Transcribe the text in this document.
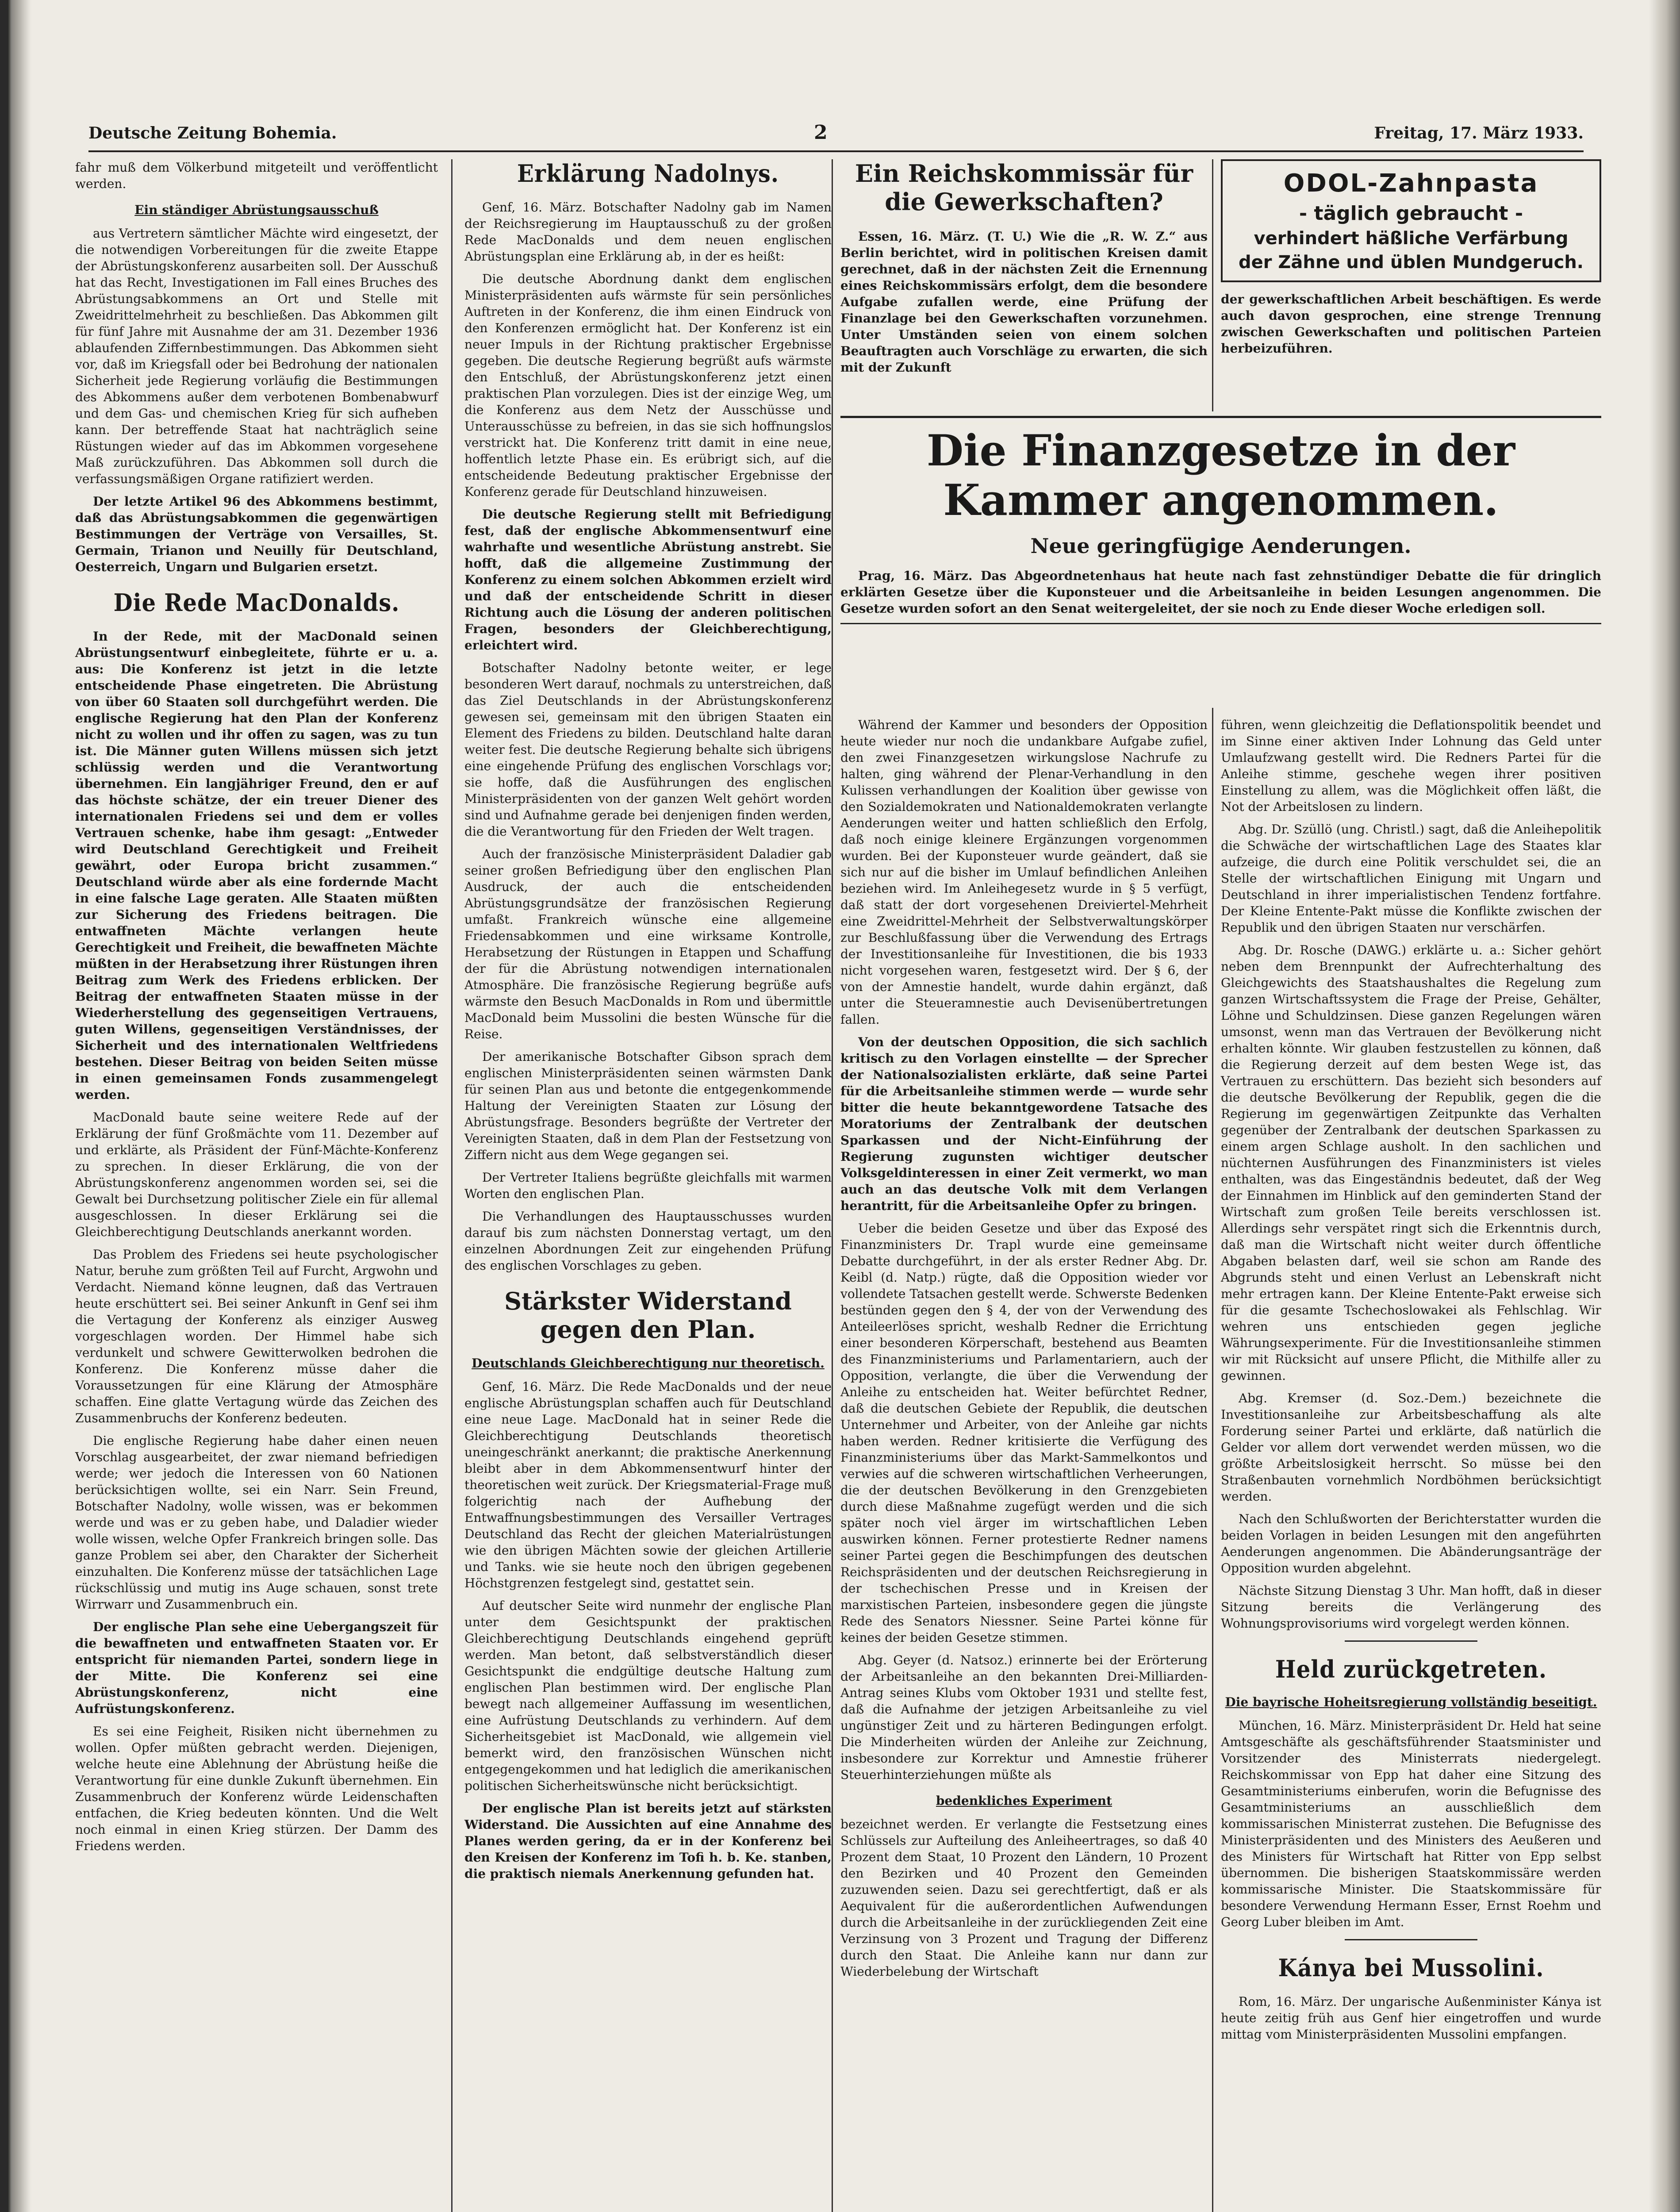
Deutsche Zeitung Bohemia.	2	Freitag, 17. März 1933.

fahr muß dem Völkerbund mitgeteilt und veröffentlicht werden.

Ein ständiger Abrüstungsausschuß

aus Vertretern sämtlicher Mächte wird eingesetzt, der die notwendigen Vorbereitungen für die zweite Etappe der Abrüstungskonferenz ausarbeiten soll. Der Ausschuß hat das Recht, Investigationen im Fall eines Bruches des Abrüstungsabkommens an Ort und Stelle mit Zweidrittelmehrheit zu beschließen. Das Abkommen gilt für fünf Jahre mit Ausnahme der am 31. Dezember 1936 ablaufenden Ziffernbestimmungen. Das Abkommen sieht vor, daß im Kriegsfall oder bei Bedrohung der nationalen Sicherheit jede Regierung vorläufig die Bestimmungen des Abkommens außer dem verbotenen Bombenabwurf und dem Gas- und chemischen Krieg für sich aufheben kann. Der betreffende Staat hat nachträglich seine Rüstungen wieder auf das im Abkommen vorgesehene Maß zurückzuführen. Das Abkommen soll durch die verfassungsmäßigen Organe ratifiziert werden.

Der letzte Artikel 96 des Abkommens bestimmt, daß das Abrüstungsabkommen die gegenwärtigen Bestimmungen der Verträge von Versailles, St. Germain, Trianon und Neuilly für Deutschland, Oesterreich, Ungarn und Bulgarien ersetzt.

Die Rede MacDonalds.

In der Rede, mit der MacDonald seinen Abrüstungsentwurf einbegleitete, führte er u. a. aus: Die Konferenz ist jetzt in die letzte entscheidende Phase eingetreten. Die Abrüstung von über 60 Staaten soll durchgeführt werden. Die englische Regierung hat den Plan der Konferenz nicht zu wollen und ihr offen zu sagen, was zu tun ist. Die Männer guten Willens müssen sich jetzt schlüssig werden und die Verantwortung übernehmen. Ein langjähriger Freund, den er auf das höchste schätze, der ein treuer Diener des internationalen Friedens sei und dem er volles Vertrauen schenke, habe ihm gesagt: „Entweder wird Deutschland Gerechtigkeit und Freiheit gewährt, oder Europa bricht zusammen.“ Deutschland würde aber als eine fordernde Macht in eine falsche Lage geraten. Alle Staaten müßten zur Sicherung des Friedens beitragen. Die entwaffneten Mächte verlangen heute Gerechtigkeit und Freiheit, die bewaffneten Mächte müßten in der Herabsetzung ihrer Rüstungen ihren Beitrag zum Werk des Friedens erblicken. Der Beitrag der entwaffneten Staaten müsse in der Wiederherstellung des gegenseitigen Vertrauens, guten Willens, gegenseitigen Verständnisses, der Sicherheit und des internationalen Weltfriedens bestehen. Dieser Beitrag von beiden Seiten müsse in einen gemeinsamen Fonds zusammengelegt werden.

MacDonald baute seine weitere Rede auf der Erklärung der fünf Großmächte vom 11. Dezember auf und erklärte, als Präsident der Fünf-Mächte-Konferenz zu sprechen. In dieser Erklärung, die von der Abrüstungskonferenz angenommen worden sei, sei die Gewalt bei Durchsetzung politischer Ziele ein für allemal ausgeschlossen. In dieser Erklärung sei die Gleichberechtigung Deutschlands anerkannt worden.

Das Problem des Friedens sei heute psychologischer Natur, beruhe zum größten Teil auf Furcht, Argwohn und Verdacht. Niemand könne leugnen, daß das Vertrauen heute erschüttert sei. Bei seiner Ankunft in Genf sei ihm die Vertagung der Konferenz als einziger Ausweg vorgeschlagen worden. Der Himmel habe sich verdunkelt und schwere Gewitterwolken bedrohen die Konferenz. Die Konferenz müsse daher die Voraussetzungen für eine Klärung der Atmosphäre schaffen. Eine glatte Vertagung würde das Zeichen des Zusammenbruchs der Konferenz bedeuten.

Die englische Regierung habe daher einen neuen Vorschlag ausgearbeitet, der zwar niemand befriedigen werde; wer jedoch die Interessen von 60 Nationen berücksichtigen wollte, sei ein Narr. Sein Freund, Botschafter Nadolny, wolle wissen, was er bekommen werde und was er zu geben habe, und Daladier wieder wolle wissen, welche Opfer Frankreich bringen solle. Das ganze Problem sei aber, den Charakter der Sicherheit einzuhalten. Die Konferenz müsse der tatsächlichen Lage rückschlüssig und mutig ins Auge schauen, sonst trete Wirrwarr und Zusammenbruch ein.

Der englische Plan sehe eine Uebergangszeit für die bewaffneten und entwaffneten Staaten vor. Er entspricht für niemanden Partei, sondern liege in der Mitte. Die Konferenz sei eine Abrüstungskonferenz, nicht eine Aufrüstungskonferenz.

Es sei eine Feigheit, Risiken nicht übernehmen zu wollen. Opfer müßten gebracht werden. Diejenigen, welche heute eine Ablehnung der Abrüstung heiße die Verantwortung für eine dunkle Zukunft übernehmen. Ein Zusammenbruch der Konferenz würde Leidenschaften entfachen, die Krieg bedeuten könnten. Und die Welt noch einmal in einen Krieg stürzen. Der Damm des Friedens werden.

Erklärung Nadolnys.

Genf, 16. März. Botschafter Nadolny gab im Namen der Reichsregierung im Hauptausschuß zu der großen Rede MacDonalds und dem neuen englischen Abrüstungsplan eine Erklärung ab, in der es heißt:

Die deutsche Abordnung dankt dem englischen Ministerpräsidenten aufs wärmste für sein persönliches Auftreten in der Konferenz, die ihm einen Eindruck von den Konferenzen ermöglicht hat. Der Konferenz ist ein neuer Impuls in der Richtung praktischer Ergebnisse gegeben. Die deutsche Regierung begrüßt aufs wärmste den Entschluß, der Abrüstungskonferenz jetzt einen praktischen Plan vorzulegen. Dies ist der einzige Weg, um die Konferenz aus dem Netz der Ausschüsse und Unterausschüsse zu befreien, in das sie sich hoffnungslos verstrickt hat. Die Konferenz tritt damit in eine neue, hoffentlich letzte Phase ein. Es erübrigt sich, auf die entscheidende Bedeutung praktischer Ergebnisse der Konferenz gerade für Deutschland hinzuweisen.

Die deutsche Regierung stellt mit Befriedigung fest, daß der englische Abkommensentwurf eine wahrhafte und wesentliche Abrüstung anstrebt. Sie hofft, daß die allgemeine Zustimmung der Konferenz zu einem solchen Abkommen erzielt wird und daß der entscheidende Schritt in dieser Richtung auch die Lösung der anderen politischen Fragen, besonders der Gleichberechtigung, erleichtert wird.

Botschafter Nadolny betonte weiter, er lege besonderen Wert darauf, nochmals zu unterstreichen, daß das Ziel Deutschlands in der Abrüstungskonferenz gewesen sei, gemeinsam mit den übrigen Staaten ein Element des Friedens zu bilden. Deutschland halte daran weiter fest. Die deutsche Regierung behalte sich übrigens eine eingehende Prüfung des englischen Vorschlags vor; sie hoffe, daß die Ausführungen des englischen Ministerpräsidenten von der ganzen Welt gehört worden sind und Aufnahme gerade bei denjenigen finden werden, die die Verantwortung für den Frieden der Welt tragen.

Auch der französische Ministerpräsident Daladier gab seiner großen Befriedigung über den englischen Plan Ausdruck, der auch die entscheidenden Abrüstungsgrundsätze der französischen Regierung umfaßt. Frankreich wünsche eine allgemeine Friedensabkommen und eine wirksame Kontrolle, Herabsetzung der Rüstungen in Etappen und Schaffung der für die Abrüstung notwendigen internationalen Atmosphäre. Die französische Regierung begrüße aufs wärmste den Besuch MacDonalds in Rom und übermittle MacDonald beim Mussolini die besten Wünsche für die Reise.

Der amerikanische Botschafter Gibson sprach dem englischen Ministerpräsidenten seinen wärmsten Dank für seinen Plan aus und betonte die entgegenkommende Haltung der Vereinigten Staaten zur Lösung der Abrüstungsfrage. Besonders begrüßte der Vertreter der Vereinigten Staaten, daß in dem Plan der Festsetzung von Ziffern nicht aus dem Wege gegangen sei.

Der Vertreter Italiens begrüßte gleichfalls mit warmen Worten den englischen Plan.

Die Verhandlungen des Hauptausschusses wurden darauf bis zum nächsten Donnerstag vertagt, um den einzelnen Abordnungen Zeit zur eingehenden Prüfung des englischen Vorschlages zu geben.

Stärkster Widerstand gegen den Plan.
Deutschlands Gleichberechtigung nur theoretisch.

Genf, 16. März. Die Rede MacDonalds und der neue englische Abrüstungsplan schaffen auch für Deutschland eine neue Lage. MacDonald hat in seiner Rede die Gleichberechtigung Deutschlands theoretisch uneingeschränkt anerkannt; die praktische Anerkennung bleibt aber in dem Abkommensentwurf hinter der theoretischen weit zurück. Der Kriegsmaterial-Frage muß folgerichtig nach der Aufhebung der Entwaffnungsbestimmungen des Versailler Vertrages Deutschland das Recht der gleichen Materialrüstungen wie den übrigen Mächten sowie der gleichen Artillerie und Tanks. wie sie heute noch den übrigen gegebenen Höchstgrenzen festgelegt sind, gestattet sein.

Auf deutscher Seite wird nunmehr der englische Plan unter dem Gesichtspunkt der praktischen Gleichberechtigung Deutschlands eingehend geprüft werden. Man betont, daß selbstverständlich dieser Gesichtspunkt die endgültige deutsche Haltung zum englischen Plan bestimmen wird. Der englische Plan bewegt nach allgemeiner Auffassung im wesentlichen, eine Aufrüstung Deutschlands zu verhindern. Auf dem Sicherheitsgebiet ist MacDonald, wie allgemein viel bemerkt wird, den französischen Wünschen nicht entgegengekommen und hat lediglich die amerikanischen politischen Sicherheitswünsche nicht berücksichtigt.

Der englische Plan ist bereits jetzt auf stärksten Widerstand. Die Aussichten auf eine Annahme des Planes werden gering, da er in der Konferenz bei den Kreisen der Konferenz im Tofi h. b. Ke. stanben, die praktisch niemals Anerkennung gefunden hat.

Ein Reichskommissär für die Gewerkschaften?

Essen, 16. März. (T. U.) Wie die „R. W. Z.“ aus Berlin berichtet, wird in politischen Kreisen damit gerechnet, daß in der nächsten Zeit die Ernennung eines Reichskommissärs erfolgt, dem die besondere Aufgabe zufallen werde, eine Prüfung der Finanzlage bei den Gewerkschaften vorzunehmen. Unter Umständen seien von einem solchen Beauftragten auch Vorschläge zu erwarten, die sich mit der Zukunft

ODOL-Zahnpasta
- täglich gebraucht -
verhindert häßliche Verfärbung
der Zähne und üblen Mundgeruch.

der gewerkschaftlichen Arbeit beschäftigen. Es werde auch davon gesprochen, eine strenge Trennung zwischen Gewerkschaften und politischen Parteien herbeizuführen.

Die Finanzgesetze in der Kammer angenommen.
Neue geringfügige Aenderungen.

Prag, 16. März. Das Abgeordnetenhaus hat heute nach fast zehnstündiger Debatte die für dringlich erklärten Gesetze über die Kuponsteuer und die Arbeitsanleihe in beiden Lesungen angenommen. Die Gesetze wurden sofort an den Senat weitergeleitet, der sie noch zu Ende dieser Woche erledigen soll.

Während der Kammer und besonders der Opposition heute wieder nur noch die undankbare Aufgabe zufiel, den zwei Finanzgesetzen wirkungslose Nachrufe zu halten, ging während der Plenar-Verhandlung in den Kulissen verhandlungen der Koalition über gewisse von den Sozialdemokraten und Nationaldemokraten verlangte Aenderungen weiter und hatten schließlich den Erfolg, daß noch einige kleinere Ergänzungen vorgenommen wurden. Bei der Kuponsteuer wurde geändert, daß sie sich nur auf die bisher im Umlauf befindlichen Anleihen beziehen wird. Im Anleihegesetz wurde in § 5 verfügt, daß statt der dort vorgesehenen Dreiviertel-Mehrheit eine Zweidrittel-Mehrheit der Selbstverwaltungskörper zur Beschlußfassung über die Verwendung des Ertrags der Investitionsanleihe für Investitionen, die bis 1933 nicht vorgesehen waren, festgesetzt wird. Der § 6, der von der Amnestie handelt, wurde dahin ergänzt, daß unter die Steueramnestie auch Devisenübertretungen fallen.

Von der deutschen Opposition, die sich sachlich kritisch zu den Vorlagen einstellte — der Sprecher der Nationalsozialisten erklärte, daß seine Partei für die Arbeitsanleihe stimmen werde — wurde sehr bitter die heute bekanntgewordene Tatsache des Moratoriums der Zentralbank der deutschen Sparkassen und der Nicht-Einführung der Regierung zugunsten wichtiger deutscher Volksgeldinteressen in einer Zeit vermerkt, wo man auch an das deutsche Volk mit dem Verlangen herantritt, für die Arbeitsanleihe Opfer zu bringen.

Ueber die beiden Gesetze und über das Exposé des Finanzministers Dr. Trapl wurde eine gemeinsame Debatte durchgeführt, in der als erster Redner Abg. Dr. Keibl (d. Natp.) rügte, daß die Opposition wieder vor vollendete Tatsachen gestellt werde. Schwerste Bedenken bestünden gegen den § 4, der von der Verwendung des Anteileerlöses spricht, weshalb Redner die Errichtung einer besonderen Körperschaft, bestehend aus Beamten des Finanzministeriums und Parlamentariern, auch der Opposition, verlangte, die über die Verwendung der Anleihe zu entscheiden hat. Weiter befürchtet Redner, daß die deutschen Gebiete der Republik, die deutschen Unternehmer und Arbeiter, von der Anleihe gar nichts haben werden. Redner kritisierte die Verfügung des Finanzministeriums über das Markt-Sammelkontos und verwies auf die schweren wirtschaftlichen Verheerungen, die der deutschen Bevölkerung in den Grenzgebieten durch diese Maßnahme zugefügt werden und die sich später noch viel ärger im wirtschaftlichen Leben auswirken können. Ferner protestierte Redner namens seiner Partei gegen die Beschimpfungen des deutschen Reichspräsidenten und der deutschen Reichsregierung in der tschechischen Presse und in Kreisen der marxistischen Parteien, insbesondere gegen die jüngste Rede des Senators Niessner. Seine Partei könne für keines der beiden Gesetze stimmen.

Abg. Geyer (d. Natsoz.) erinnerte bei der Erörterung der Arbeitsanleihe an den bekannten Drei-Milliarden-Antrag seines Klubs vom Oktober 1931 und stellte fest, daß die Aufnahme der jetzigen Arbeitsanleihe zu viel ungünstiger Zeit und zu härteren Bedingungen erfolgt. Die Minderheiten würden der Anleihe zur Zeichnung, insbesondere zur Korrektur und Amnestie früherer Steuerhinterziehungen müßte als

bedenkliches Experiment

bezeichnet werden. Er verlangte die Festsetzung eines Schlüssels zur Aufteilung des Anleiheertrages, so daß 40 Prozent dem Staat, 10 Prozent den Ländern, 10 Prozent den Bezirken und 40 Prozent den Gemeinden zuzuwenden seien. Dazu sei gerechtfertigt, daß er als Aequivalent für die außerordentlichen Aufwendungen durch die Arbeitsanleihe in der zurückliegenden Zeit eine Verzinsung von 3 Prozent und Tragung der Differenz durch den Staat. Die Anleihe kann nur dann zur Wiederbelebung der Wirtschaft

führen, wenn gleichzeitig die Deflationspolitik beendet und im Sinne einer aktiven Inder Lohnung das Geld unter Umlaufzwang gestellt wird. Die Redners Partei für die Anleihe stimme, geschehe wegen ihrer positiven Einstellung zu allem, was die Möglichkeit offen läßt, die Not der Arbeitslosen zu lindern.

Abg. Dr. Szüllö (ung. Christl.) sagt, daß die Anleihepolitik die Schwäche der wirtschaftlichen Lage des Staates klar aufzeige, die durch eine Politik verschuldet sei, die an Stelle der wirtschaftlichen Einigung mit Ungarn und Deutschland in ihrer imperialistischen Tendenz fortfahre. Der Kleine Entente-Pakt müsse die Konflikte zwischen der Republik und den übrigen Staaten nur verschärfen.

Abg. Dr. Rosche (DAWG.) erklärte u. a.: Sicher gehört neben dem Brennpunkt der Aufrechterhaltung des Gleichgewichts des Staatshaushaltes die Regelung zum ganzen Wirtschaftssystem die Frage der Preise, Gehälter, Löhne und Schuldzinsen. Diese ganzen Regelungen wären umsonst, wenn man das Vertrauen der Bevölkerung nicht erhalten könnte. Wir glauben festzustellen zu können, daß die Regierung derzeit auf dem besten Wege ist, das Vertrauen zu erschüttern. Das bezieht sich besonders auf die deutsche Bevölkerung der Republik, gegen die die Regierung im gegenwärtigen Zeitpunkte das Verhalten gegenüber der Zentralbank der deutschen Sparkassen zu einem argen Schlage ausholt. In den sachlichen und nüchternen Ausführungen des Finanzministers ist vieles enthalten, was das Eingeständnis bedeutet, daß der Weg der Einnahmen im Hinblick auf den geminderten Stand der Wirtschaft zum großen Teile bereits verschlossen ist. Allerdings sehr verspätet ringt sich die Erkenntnis durch, daß man die Wirtschaft nicht weiter durch öffentliche Abgaben belasten darf, weil sie schon am Rande des Abgrunds steht und einen Verlust an Lebenskraft nicht mehr ertragen kann. Der Kleine Entente-Pakt erweise sich für die gesamte Tschechoslowakei als Fehlschlag. Wir wehren uns entschieden gegen jegliche Währungsexperimente. Für die Investitionsanleihe stimmen wir mit Rücksicht auf unsere Pflicht, die Mithilfe aller zu gewinnen.

Abg. Kremser (d. Soz.-Dem.) bezeichnete die Investitionsanleihe zur Arbeitsbeschaffung als alte Forderung seiner Partei und erklärte, daß natürlich die Gelder vor allem dort verwendet werden müssen, wo die größte Arbeitslosigkeit herrscht. So müsse bei den Straßenbauten vornehmlich Nordböhmen berücksichtigt werden.

Nach den Schlußworten der Berichterstatter wurden die beiden Vorlagen in beiden Lesungen mit den angeführten Aenderungen angenommen. Die Abänderungsanträge der Opposition wurden abgelehnt.

Nächste Sitzung Dienstag 3 Uhr. Man hofft, daß in dieser Sitzung bereits die Verlängerung des Wohnungsprovisoriums wird vorgelegt werden können.

Held zurückgetreten.
Die bayrische Hoheitsregierung vollständig beseitigt.

München, 16. März. Ministerpräsident Dr. Held hat seine Amtsgeschäfte als geschäftsführender Staatsminister und Vorsitzender des Ministerrats niedergelegt. Reichskommissar von Epp hat daher eine Sitzung des Gesamtministeriums einberufen, worin die Befugnisse des Gesamtministeriums an ausschließlich dem kommissarischen Ministerrat zustehen. Die Befugnisse des Ministerpräsidenten und des Ministers des Aeußeren und des Ministers für Wirtschaft hat Ritter von Epp selbst übernommen. Die bisherigen Staatskommissäre werden kommissarische Minister. Die Staatskommissäre für besondere Verwendung Hermann Esser, Ernst Roehm und Georg Luber bleiben im Amt.

Kánya bei Mussolini.

Rom, 16. März. Der ungarische Außenminister Kánya ist heute zeitig früh aus Genf hier eingetroffen und wurde mittag vom Ministerpräsidenten Mussolini empfangen.
